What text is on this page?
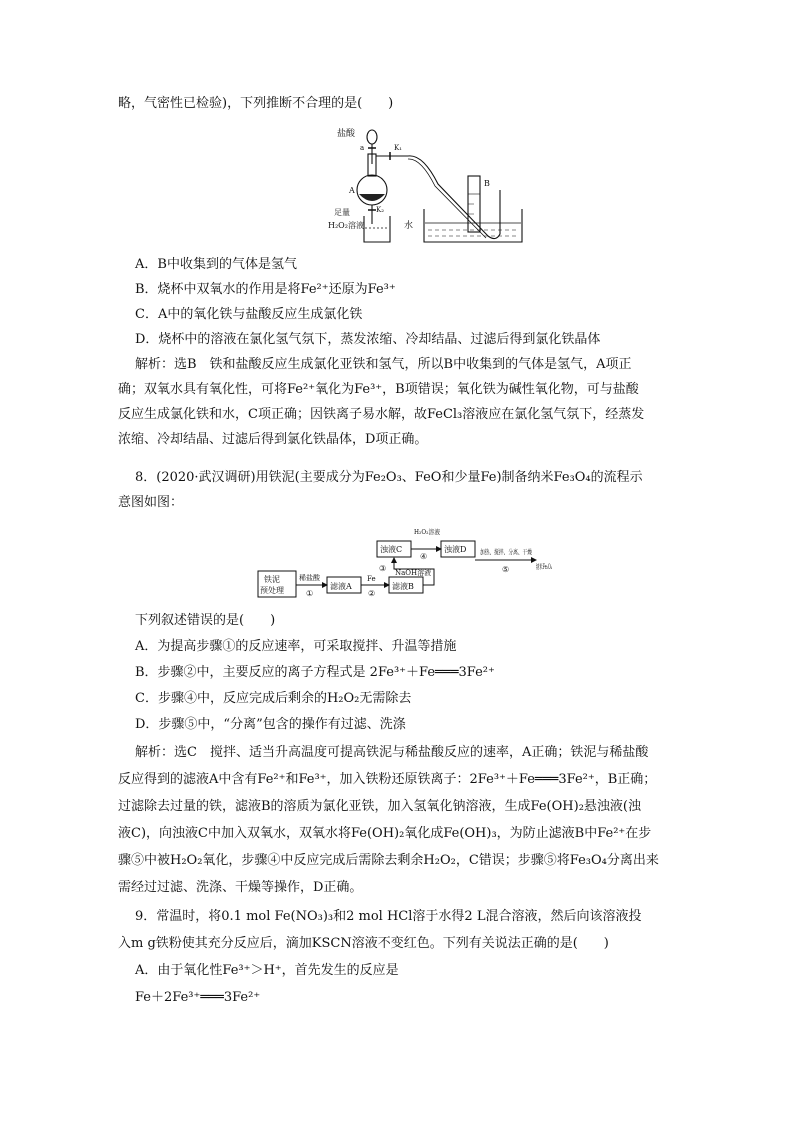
略，气密性已检验)，下列推断不合理的是(　　)
盐酸
a	K₁
A
K₂
足量
H₂O₂溶液	水
B
A．B中收集到的气体是氢气
B．烧杯中双氧水的作用是将Fe²⁺还原为Fe³⁺
C．A中的氧化铁与盐酸反应生成氯化铁
D．烧杯中的溶液在氯化氢气氛下，蒸发浓缩、冷却结晶、过滤后得到氯化铁晶体
解析：选B　铁和盐酸反应生成氯化亚铁和氢气，所以B中收集到的气体是氢气，A项正
确；双氧水具有氧化性，可将Fe²⁺氧化为Fe³⁺，B项错误；氧化铁为碱性氧化物，可与盐酸
反应生成氯化铁和水，C项正确；因铁离子易水解，故FeCl₃溶液应在氯化氢气氛下，经蒸发
浓缩、冷却结晶、过滤后得到氯化铁晶体，D项正确。
8．(2020·武汉调研)用铁泥(主要成分为Fe₂O₃、FeO和少量Fe)制备纳米Fe₃O₄的流程示
意图如图：
铁泥
预处理
稀盐酸
①
滤液A
Fe
②
滤液B
③ NaOH溶液
浊液C
H₂O₂溶液
④
浊液D 加热、搅拌、分离、干燥
⑤	纳米Fe₃O₄
下列叙述错误的是(　　)
A．为提高步骤①的反应速率，可采取搅拌、升温等措施
B．步骤②中，主要反应的离子方程式是 2Fe³⁺＋Fe═══3Fe²⁺
C．步骤④中，反应完成后剩余的H₂O₂无需除去
D．步骤⑤中，“分离”包含的操作有过滤、洗涤
解析：选C　搅拌、适当升高温度可提高铁泥与稀盐酸反应的速率，A正确；铁泥与稀盐酸
反应得到的滤液A中含有Fe²⁺和Fe³⁺，加入铁粉还原铁离子：2Fe³⁺＋Fe═══3Fe²⁺，B正确；
过滤除去过量的铁，滤液B的溶质为氯化亚铁，加入氢氧化钠溶液，生成Fe(OH)₂悬浊液(浊
液C)，向浊液C中加入双氧水，双氧水将Fe(OH)₂氧化成Fe(OH)₃，为防止滤液B中Fe²⁺在步
骤⑤中被H₂O₂氧化，步骤④中反应完成后需除去剩余H₂O₂，C错误；步骤⑤将Fe₃O₄分离出来
需经过过滤、洗涤、干燥等操作，D正确。
9．常温时，将0.1 mol Fe(NO₃)₃和2 mol HCl溶于水得2 L混合溶液，然后向该溶液投
入m g铁粉使其充分反应后，滴加KSCN溶液不变红色。下列有关说法正确的是(　　)
A．由于氧化性Fe³⁺＞H⁺，首先发生的反应是
Fe＋2Fe³⁺═══3Fe²⁺
